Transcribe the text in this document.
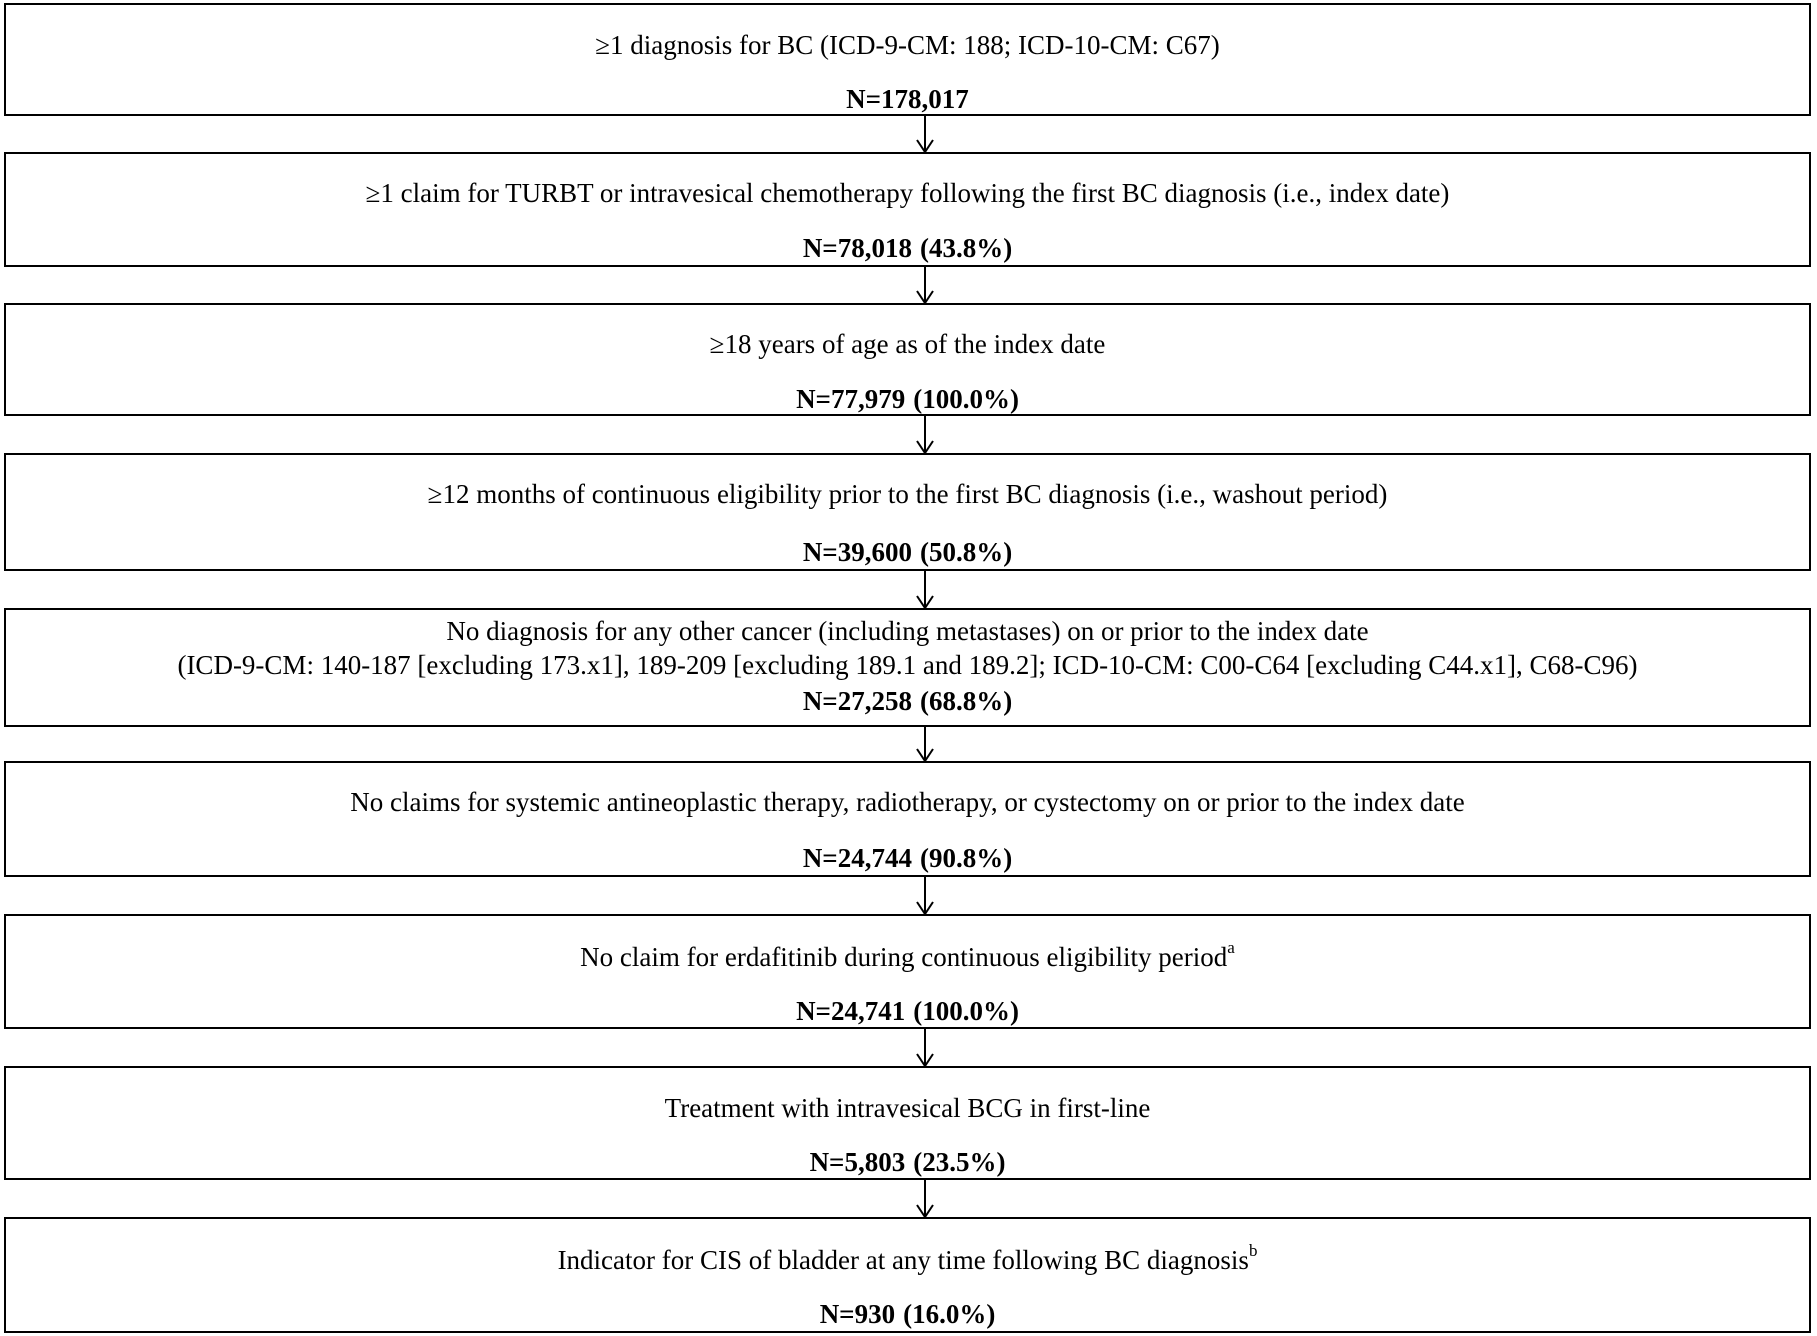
≥1 diagnosis for BC (ICD-9-CM: 188; ICD-10-CM: C67)
N=178,017
≥1 claim for TURBT or intravesical chemotherapy following the first BC diagnosis (i.e., index date)
N=78,018 (43.8%)
≥18 years of age as of the index date
N=77,979 (100.0%)
≥12 months of continuous eligibility prior to the first BC diagnosis (i.e., washout period)
N=39,600 (50.8%)
No diagnosis for any other cancer (including metastases) on or prior to the index date
(ICD-9-CM: 140-187 [excluding 173.x1], 189-209 [excluding 189.1 and 189.2]; ICD-10-CM: C00-C64 [excluding C44.x1], C68-C96)
N=27,258 (68.8%)
No claims for systemic antineoplastic therapy, radiotherapy, or cystectomy on or prior to the index date
N=24,744 (90.8%)
No claim for erdafitinib during continuous eligibility period$^a$
N=24,741 (100.0%)
Treatment with intravesical BCG in first-line
N=5,803 (23.5%)
Indicator for CIS of bladder at any time following BC diagnosis$^b$
N=930 (16.0%)
